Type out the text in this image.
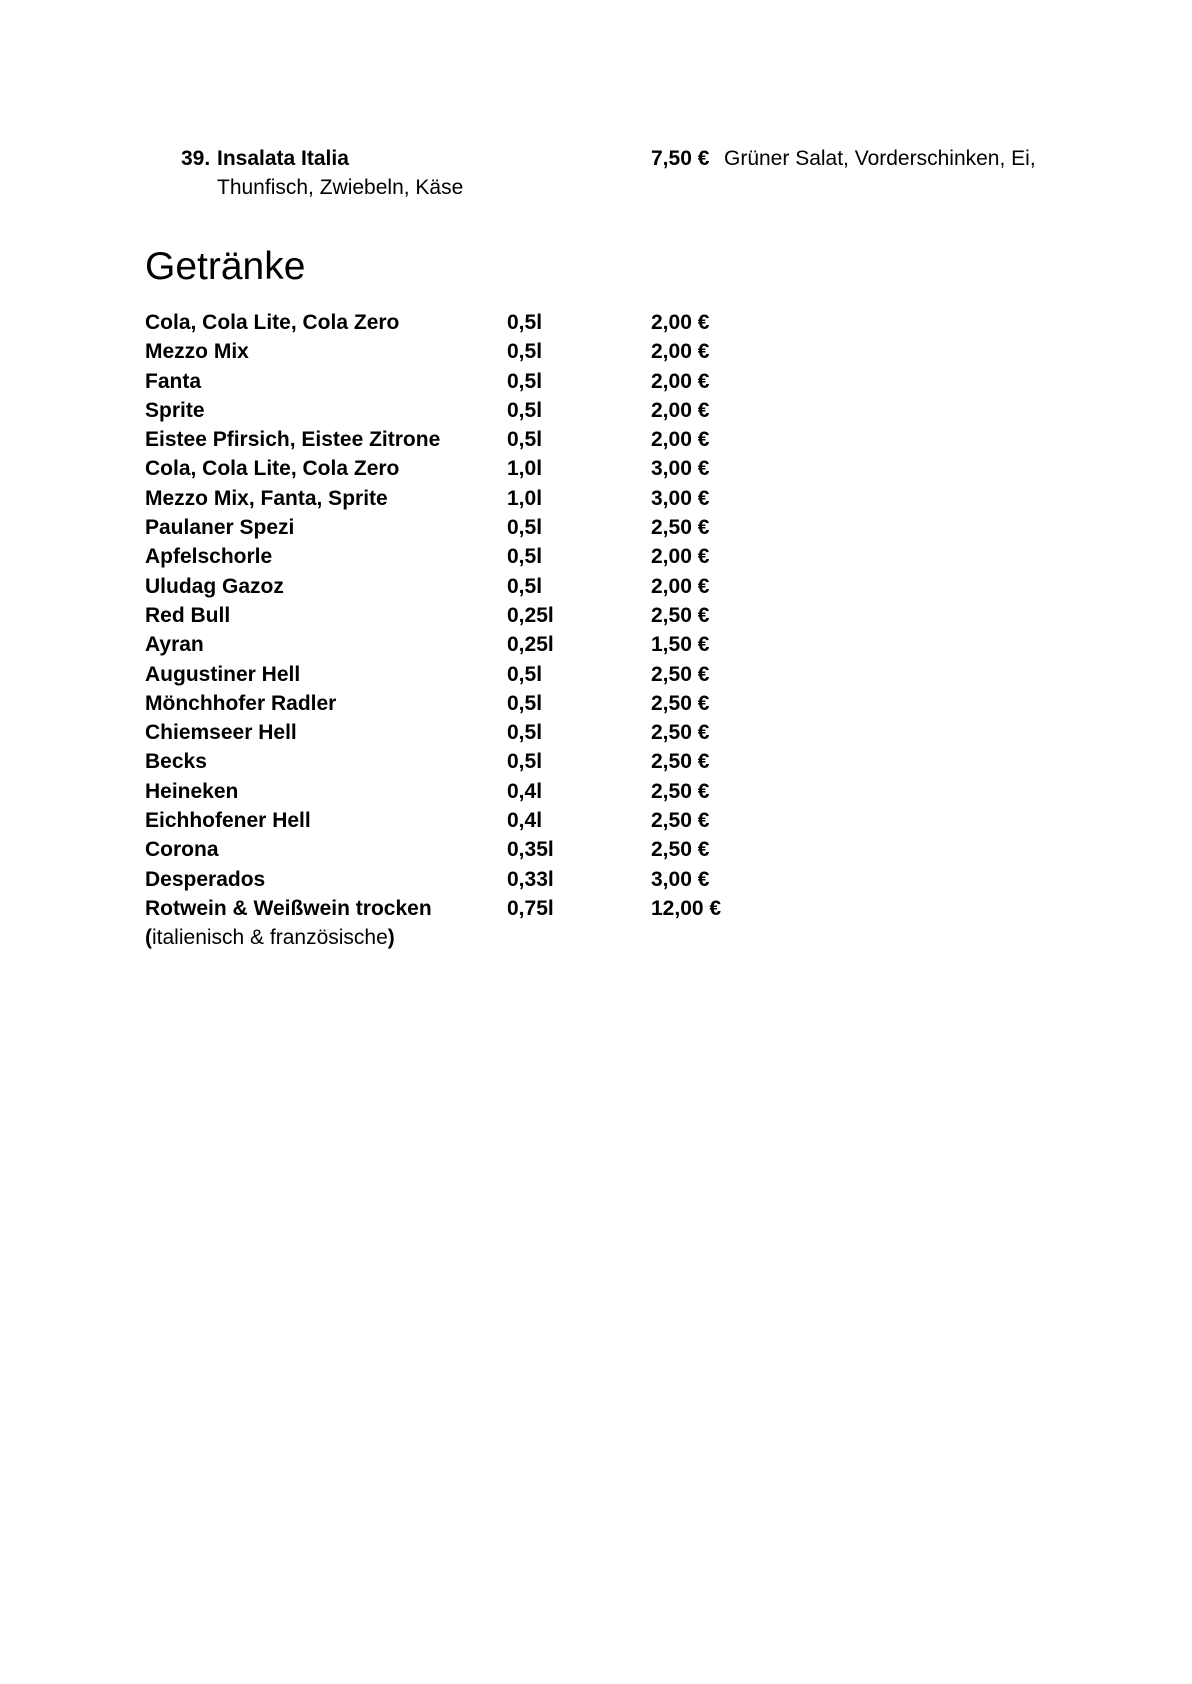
39. Insalata Italia	7,50 € Grüner Salat, Vorderschinken, Ei,
Thunfisch, Zwiebeln, Käse
Getränke
Cola, Cola Lite, Cola Zero	0,5l	2,00 €
Mezzo Mix	0,5l	2,00 €
Fanta	0,5l	2,00 €
Sprite	0,5l	2,00 €
Eistee Pfirsich, Eistee Zitrone	0,5l	2,00 €
Cola, Cola Lite, Cola Zero	1,0l	3,00 €
Mezzo Mix, Fanta, Sprite	1,0l	3,00 €
Paulaner Spezi	0,5l	2,50 €
Apfelschorle	0,5l	2,00 €
Uludag Gazoz	0,5l	2,00 €
Red Bull	0,25l	2,50 €
Ayran	0,25l	1,50 €
Augustiner Hell	0,5l	2,50 €
Mönchhofer Radler	0,5l	2,50 €
Chiemseer Hell	0,5l	2,50 €
Becks	0,5l	2,50 €
Heineken	0,4l	2,50 €
Eichhofener Hell	0,4l	2,50 €
Corona	0,35l	2,50 €
Desperados	0,33l	3,00 €
Rotwein & Weißwein trocken	0,75l	12,00 €
(italienisch & französische)
